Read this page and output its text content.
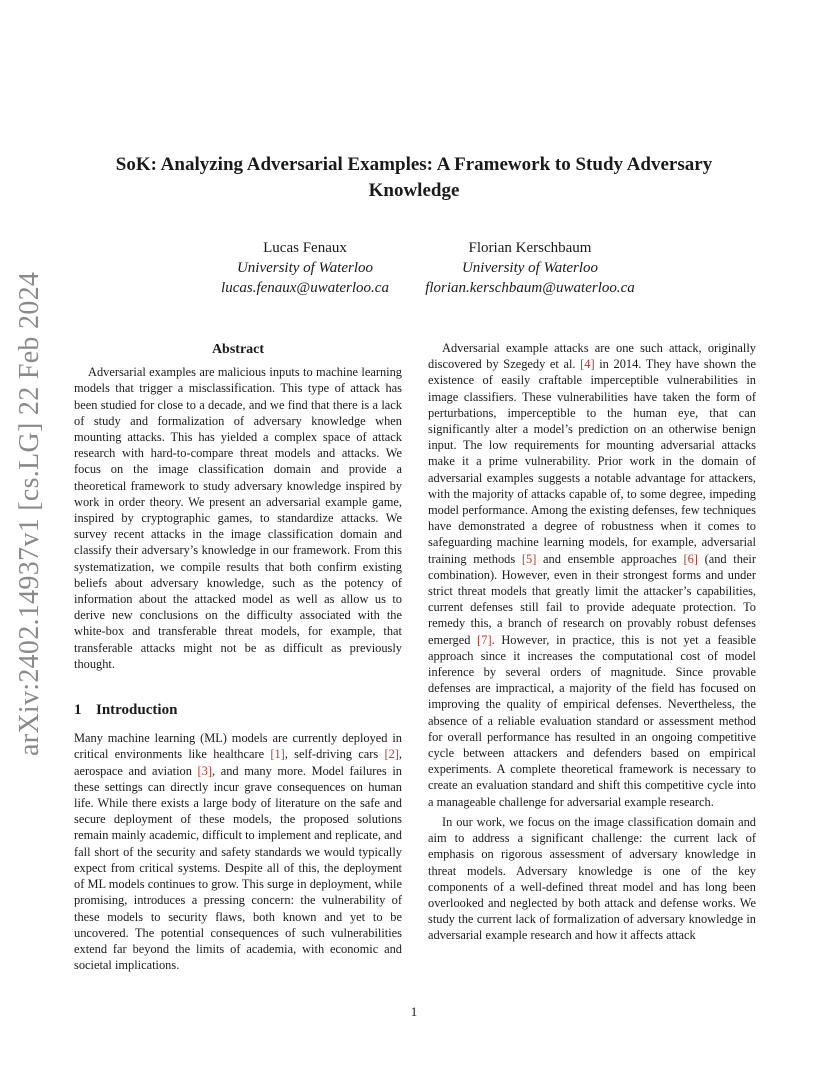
arXiv:2402.14937v1 [cs.LG] 22 Feb 2024
SoK: Analyzing Adversarial Examples: A Framework to Study Adversary
Knowledge
Lucas Fenaux
University of Waterloo
lucas.fenaux@uwaterloo.ca
Florian Kerschbaum
University of Waterloo
florian.kerschbaum@uwaterloo.ca
Abstract

Adversarial examples are malicious inputs to machine learning models that trigger a misclassification. This type of attack has been studied for close to a decade, and we find that there is a lack of study and formalization of adversary knowledge when mounting attacks. This has yielded a complex space of attack research with hard-to-compare threat models and attacks. We focus on the image classification domain and provide a theoretical framework to study adversary knowledge inspired by work in order theory. We present an adversarial example game, inspired by cryptographic games, to standardize attacks. We survey recent attacks in the image classification domain and classify their adversary’s knowledge in our framework. From this systematization, we compile results that both confirm existing beliefs about adversary knowledge, such as the potency of information about the attacked model as well as allow us to derive new conclusions on the difficulty associated with the white-box and transferable threat models, for example, that transferable attacks might not be as difficult as previously thought.

1 Introduction

Many machine learning (ML) models are currently deployed in critical environments like healthcare [1], self-driving cars [2], aerospace and aviation [3], and many more. Model failures in these settings can directly incur grave consequences on human life. While there exists a large body of literature on the safe and secure deployment of these models, the proposed solutions remain mainly academic, difficult to implement and replicate, and fall short of the security and safety standards we would typically expect from critical systems. Despite all of this, the deployment of ML models continues to grow. This surge in deployment, while promising, introduces a pressing concern: the vulnerability of these models to security flaws, both known and yet to be uncovered. The potential consequences of such vulnerabilities extend far beyond the limits of academia, with economic and societal implications.

Adversarial example attacks are one such attack, originally discovered by Szegedy et al. [4] in 2014. They have shown the existence of easily craftable imperceptible vulnerabilities in image classifiers. These vulnerabilities have taken the form of perturbations, imperceptible to the human eye, that can significantly alter a model’s prediction on an otherwise benign input. The low requirements for mounting adversarial attacks make it a prime vulnerability. Prior work in the domain of adversarial examples suggests a notable advantage for attackers, with the majority of attacks capable of, to some degree, impeding model performance. Among the existing defenses, few techniques have demonstrated a degree of robustness when it comes to safeguarding machine learning models, for example, adversarial training methods [5] and ensemble approaches [6] (and their combination). However, even in their strongest forms and under strict threat models that greatly limit the attacker’s capabilities, current defenses still fail to provide adequate protection. To remedy this, a branch of research on provably robust defenses emerged [7]. However, in practice, this is not yet a feasible approach since it increases the computational cost of model inference by several orders of magnitude. Since provable defenses are impractical, a majority of the field has focused on improving the quality of empirical defenses. Nevertheless, the absence of a reliable evaluation standard or assessment method for overall performance has resulted in an ongoing competitive cycle between attackers and defenders based on empirical experiments. A complete theoretical framework is necessary to create an evaluation standard and shift this competitive cycle into a manageable challenge for adversarial example research.

In our work, we focus on the image classification domain and aim to address a significant challenge: the current lack of emphasis on rigorous assessment of adversary knowledge in threat models. Adversary knowledge is one of the key components of a well-defined threat model and has long been overlooked and neglected by both attack and defense works. We study the current lack of formalization of adversary knowledge in adversarial example research and how it affects attack

1
